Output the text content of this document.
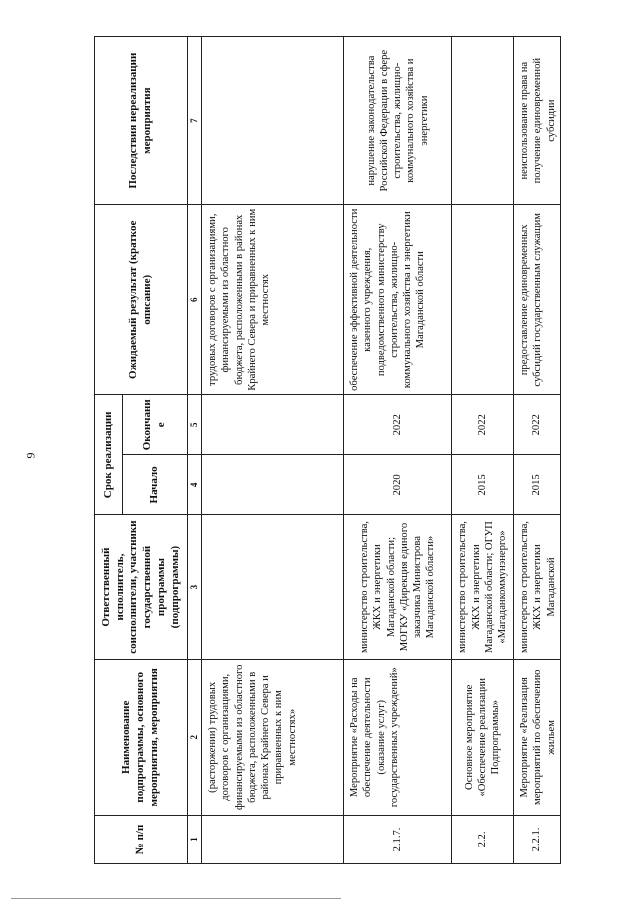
9
№ п/п	Наименование подпрограммы, основного мероприятия, мероприятия	Ответственный исполнитель, соисполнители, участники государственной программы (подпрограммы)	Срок реализации		Ожидаемый результат (краткое описание)	Последствия нереализации мероприятия
			Начало	Окончание		
1	2	3	4	5	6	7
	(расторжении) трудовых договоров с организациями, финансируемыми из областного бюджета, расположенными в районах Крайнего Севера и приравненных к ним местностях»				трудовых договоров с организациями, финансируемыми из областного бюджета, расположенными в районах Крайнего Севера и приравненных к ним местностях	
2.1.7.	Мероприятие «Расходы на обеспечение деятельности (оказание услуг) государственных учреждений»	министерство строительства, ЖКХ и энергетики Магаданской области; МОГКУ «Дирекция единого заказчика Министрова Магаданской области»	2020	2022	обеспечение эффективной деятельности казенного учреждения, подведомственного министерству строительства, жилищно-коммунального хозяйства и энергетики Магаданской области	нарушение законодательства Российской Федерации в сфере строительства, жилищно-коммунального хозяйства и энергетики
2.2.	Основное мероприятие «Обеспечение реализации Подпрограммы»	министерство строительства, ЖКХ и энергетики Магаданской области; ОГУП «Магаданкоммунэнерго»	2015	2022		
2.2.1.	Мероприятие «Реализация мероприятий по обеспечению жильем	министерство строительства, ЖКХ и энергетики Магаданской	2015	2022	предоставление единовременных субсидий государственным служащим	неиспользование права на получение единовременной субсидии
